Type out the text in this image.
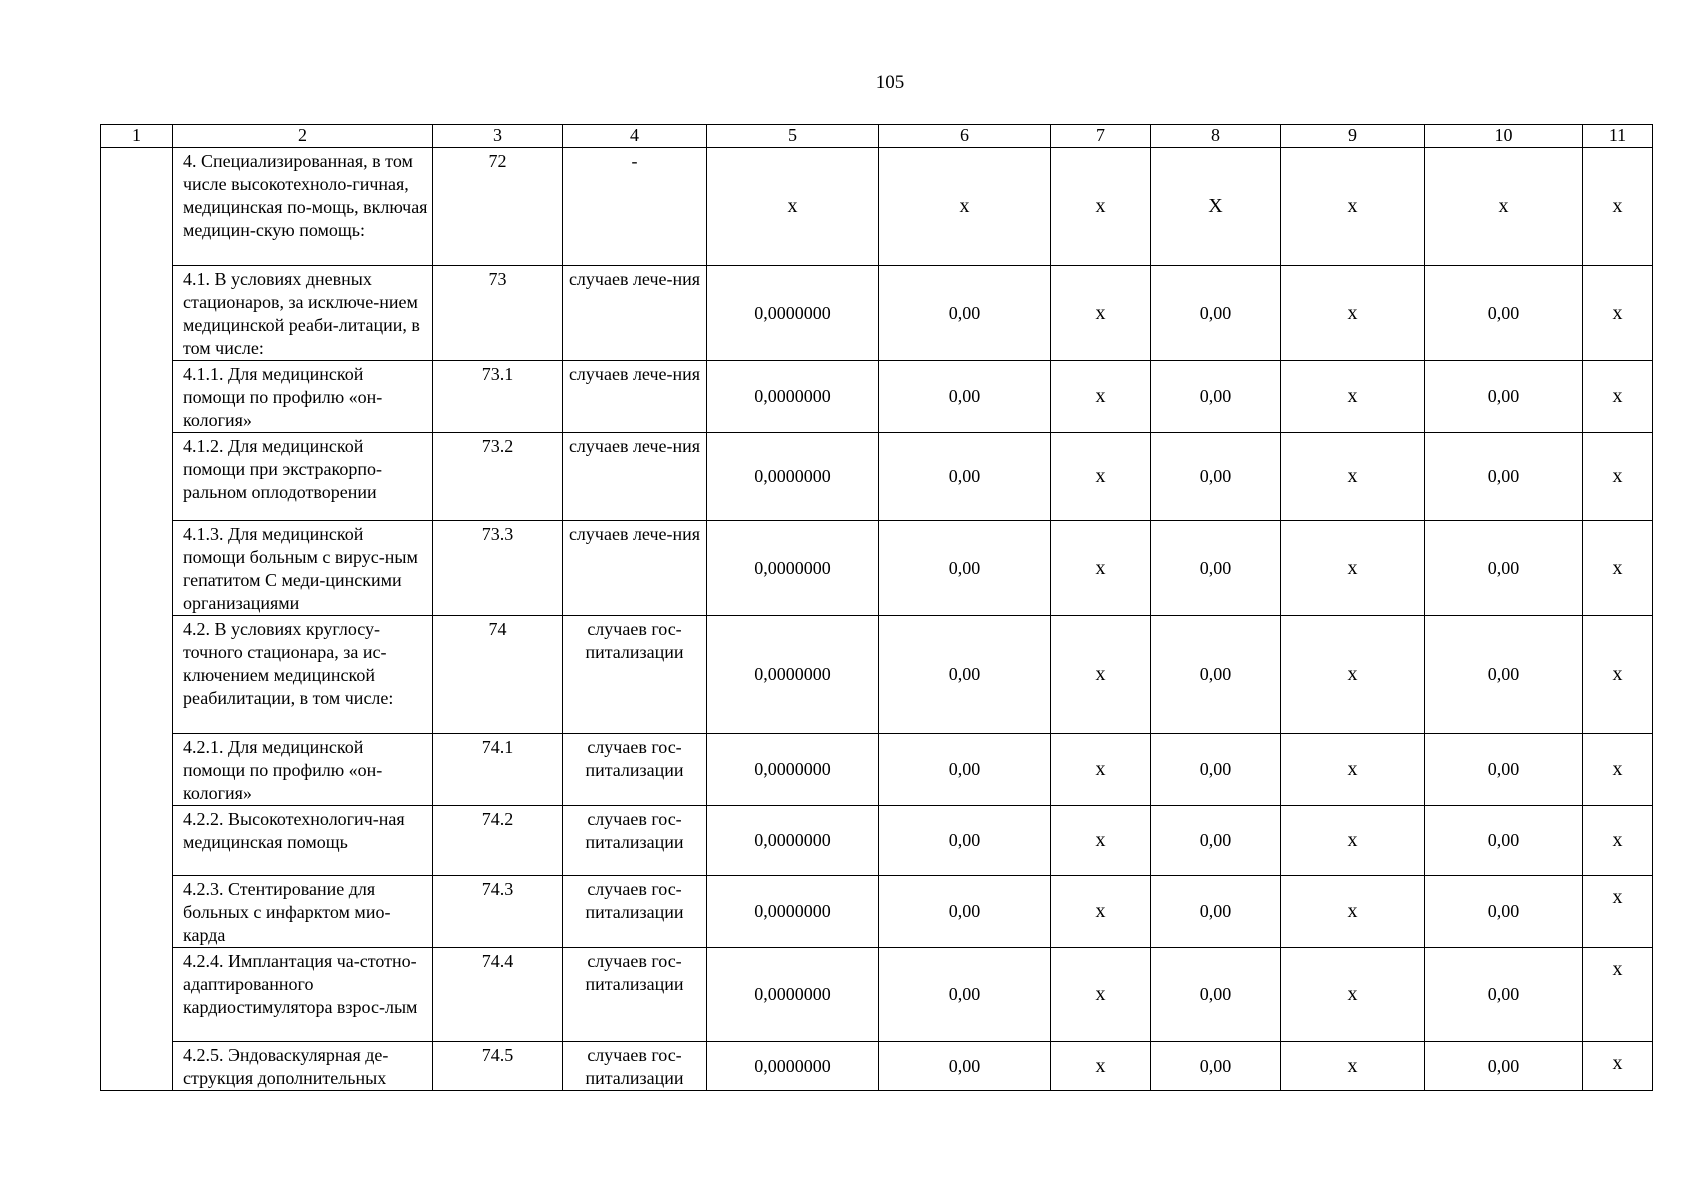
105
1	2	3	4	5	6	7	8	9	10	11
	4. Специализированная, в том числе высокотехноло-гичная, медицинская по-мощь, включая медицин-скую помощь:	72	-	х	х	х	Х	х	х	х
	4.1. В условиях дневных стационаров, за исключе-нием медицинской реаби-литации, в том числе:	73	случаев лече-ния	0,0000000	0,00	х	0,00	х	0,00	х
	4.1.1. Для медицинской помощи по профилю «он-кология»	73.1	случаев лече-ния	0,0000000	0,00	х	0,00	х	0,00	х
	4.1.2. Для медицинской помощи при экстракорпо-ральном оплодотворении	73.2	случаев лече-ния	0,0000000	0,00	х	0,00	х	0,00	х
	4.1.3. Для медицинской помощи больным с вирус-ным гепатитом С меди-цинскими организациями	73.3	случаев лече-ния	0,0000000	0,00	х	0,00	х	0,00	х
	4.2. В условиях круглосу-точного стационара, за ис-ключением медицинской реабилитации, в том числе:	74	случаев гос-питализации	0,0000000	0,00	х	0,00	х	0,00	х
	4.2.1. Для медицинской помощи по профилю «он-кология»	74.1	случаев гос-питализации	0,0000000	0,00	х	0,00	х	0,00	х
	4.2.2. Высокотехнологич-ная медицинская помощь	74.2	случаев гос-питализации	0,0000000	0,00	х	0,00	х	0,00	х
	4.2.3. Стентирование для больных с инфарктом мио-карда	74.3	случаев гос-питализации	0,0000000	0,00	х	0,00	х	0,00	х
	4.2.4. Имплантация ча-стотно-адаптированного кардиостимулятора взрос-лым	74.4	случаев гос-питализации	0,0000000	0,00	х	0,00	х	0,00	х
	4.2.5. Эндоваскулярная де-струкция дополнительных	74.5	случаев гос-питализации	0,0000000	0,00	х	0,00	х	0,00	х
